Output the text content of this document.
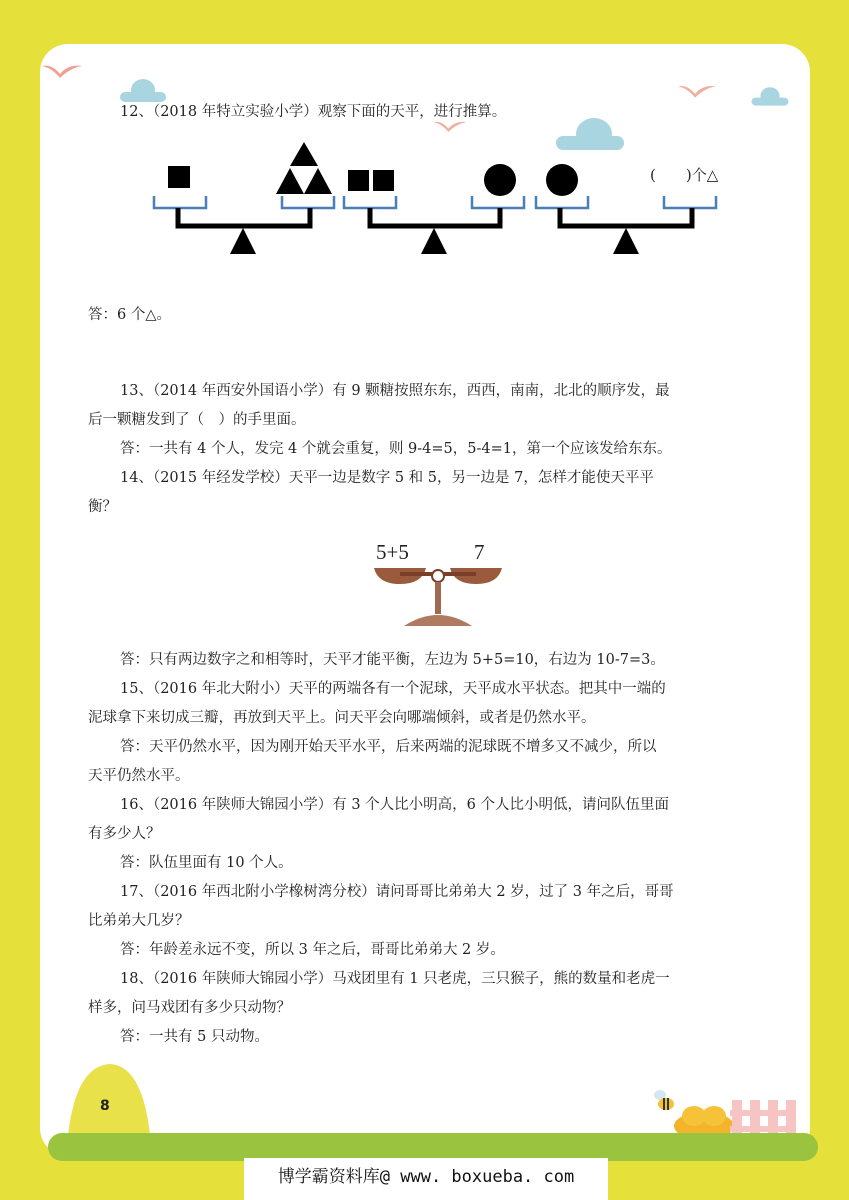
8

12、（2018 年特立实验小学）观察下面的天平，进行推算。

(　　)个△

答：6 个△。

13、（2014 年西安外国语小学）有 9 颗糖按照东东，西西，南南，北北的顺序发，最

后一颗糖发到了（　）的手里面。

答：一共有 4 个人，发完 4 个就会重复，则 9-4=5，5-4=1，第一个应该发给东东。

14、（2015 年经发学校）天平一边是数字 5 和 5，另一边是 7，怎样才能使天平平

衡？

5+5	7

答：只有两边数字之和相等时，天平才能平衡，左边为 5+5=10，右边为 10-7=3。

15、（2016 年北大附小）天平的两端各有一个泥球，天平成水平状态。把其中一端的

泥球拿下来切成三瓣，再放到天平上。问天平会向哪端倾斜，或者是仍然水平。

答：天平仍然水平，因为刚开始天平水平，后来两端的泥球既不增多又不减少，所以

天平仍然水平。

16、（2016 年陕师大锦园小学）有 3 个人比小明高，6 个人比小明低，请问队伍里面

有多少人？

答：队伍里面有 10 个人。

17、（2016 年西北附小学橡树湾分校）请问哥哥比弟弟大 2 岁，过了 3 年之后，哥哥

比弟弟大几岁？

答：年龄差永远不变，所以 3 年之后，哥哥比弟弟大 2 岁。

18、（2016 年陕师大锦园小学）马戏团里有 1 只老虎，三只猴子，熊的数量和老虎一

样多，问马戏团有多少只动物？

答：一共有 5 只动物。

博学霸资料库@ www. boxueba. com
